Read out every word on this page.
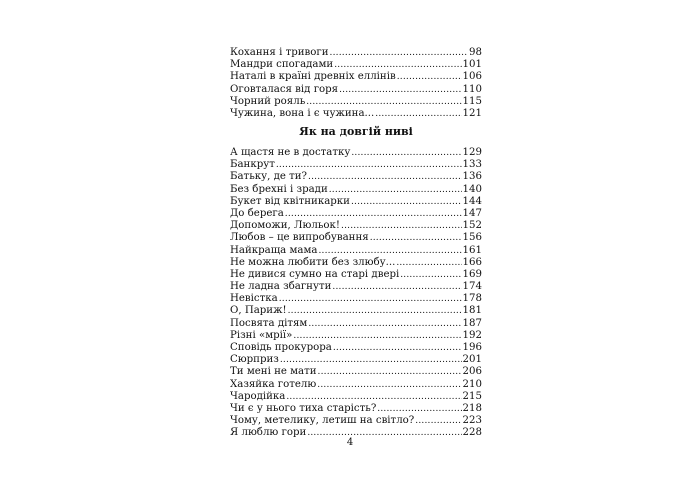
Кохання і тривоги .....	98
Мандри спогадами .....	101
Наталі в країні древніх еллінів .....	106
Оговталася від горя .....	110
Чорний рояль .....	115
Чужина, вона і є чужина... .....	121
Як на довгій ниві
А щастя не в достатку .....	129
Банкрут .....	133
Батьку, де ти? .....	136
Без брехні і зради .....	140
Букет від квітникарки .....	144
До берега .....	147
Допоможи, Люльок! .....	152
Любов – це випробування .....	156
Найкраща мама .....	161
Не можна любити без злюбу... .....	166
Не дивися сумно на старі двері .....	169
Не ладна збагнути .....	174
Невістка .....	178
О, Париж! .....	181
Посвята дітям .....	187
Різні «мрії» .....	192
Сповідь прокурора .....	196
Сюрприз .....	201
Ти мені не мати .....	206
Хазяйка готелю .....	210
Чародійка .....	215
Чи є у нього тиха старість? .....	218
Чому, метелику, летиш на світло? .....	223
Я люблю гори .....	228
4
